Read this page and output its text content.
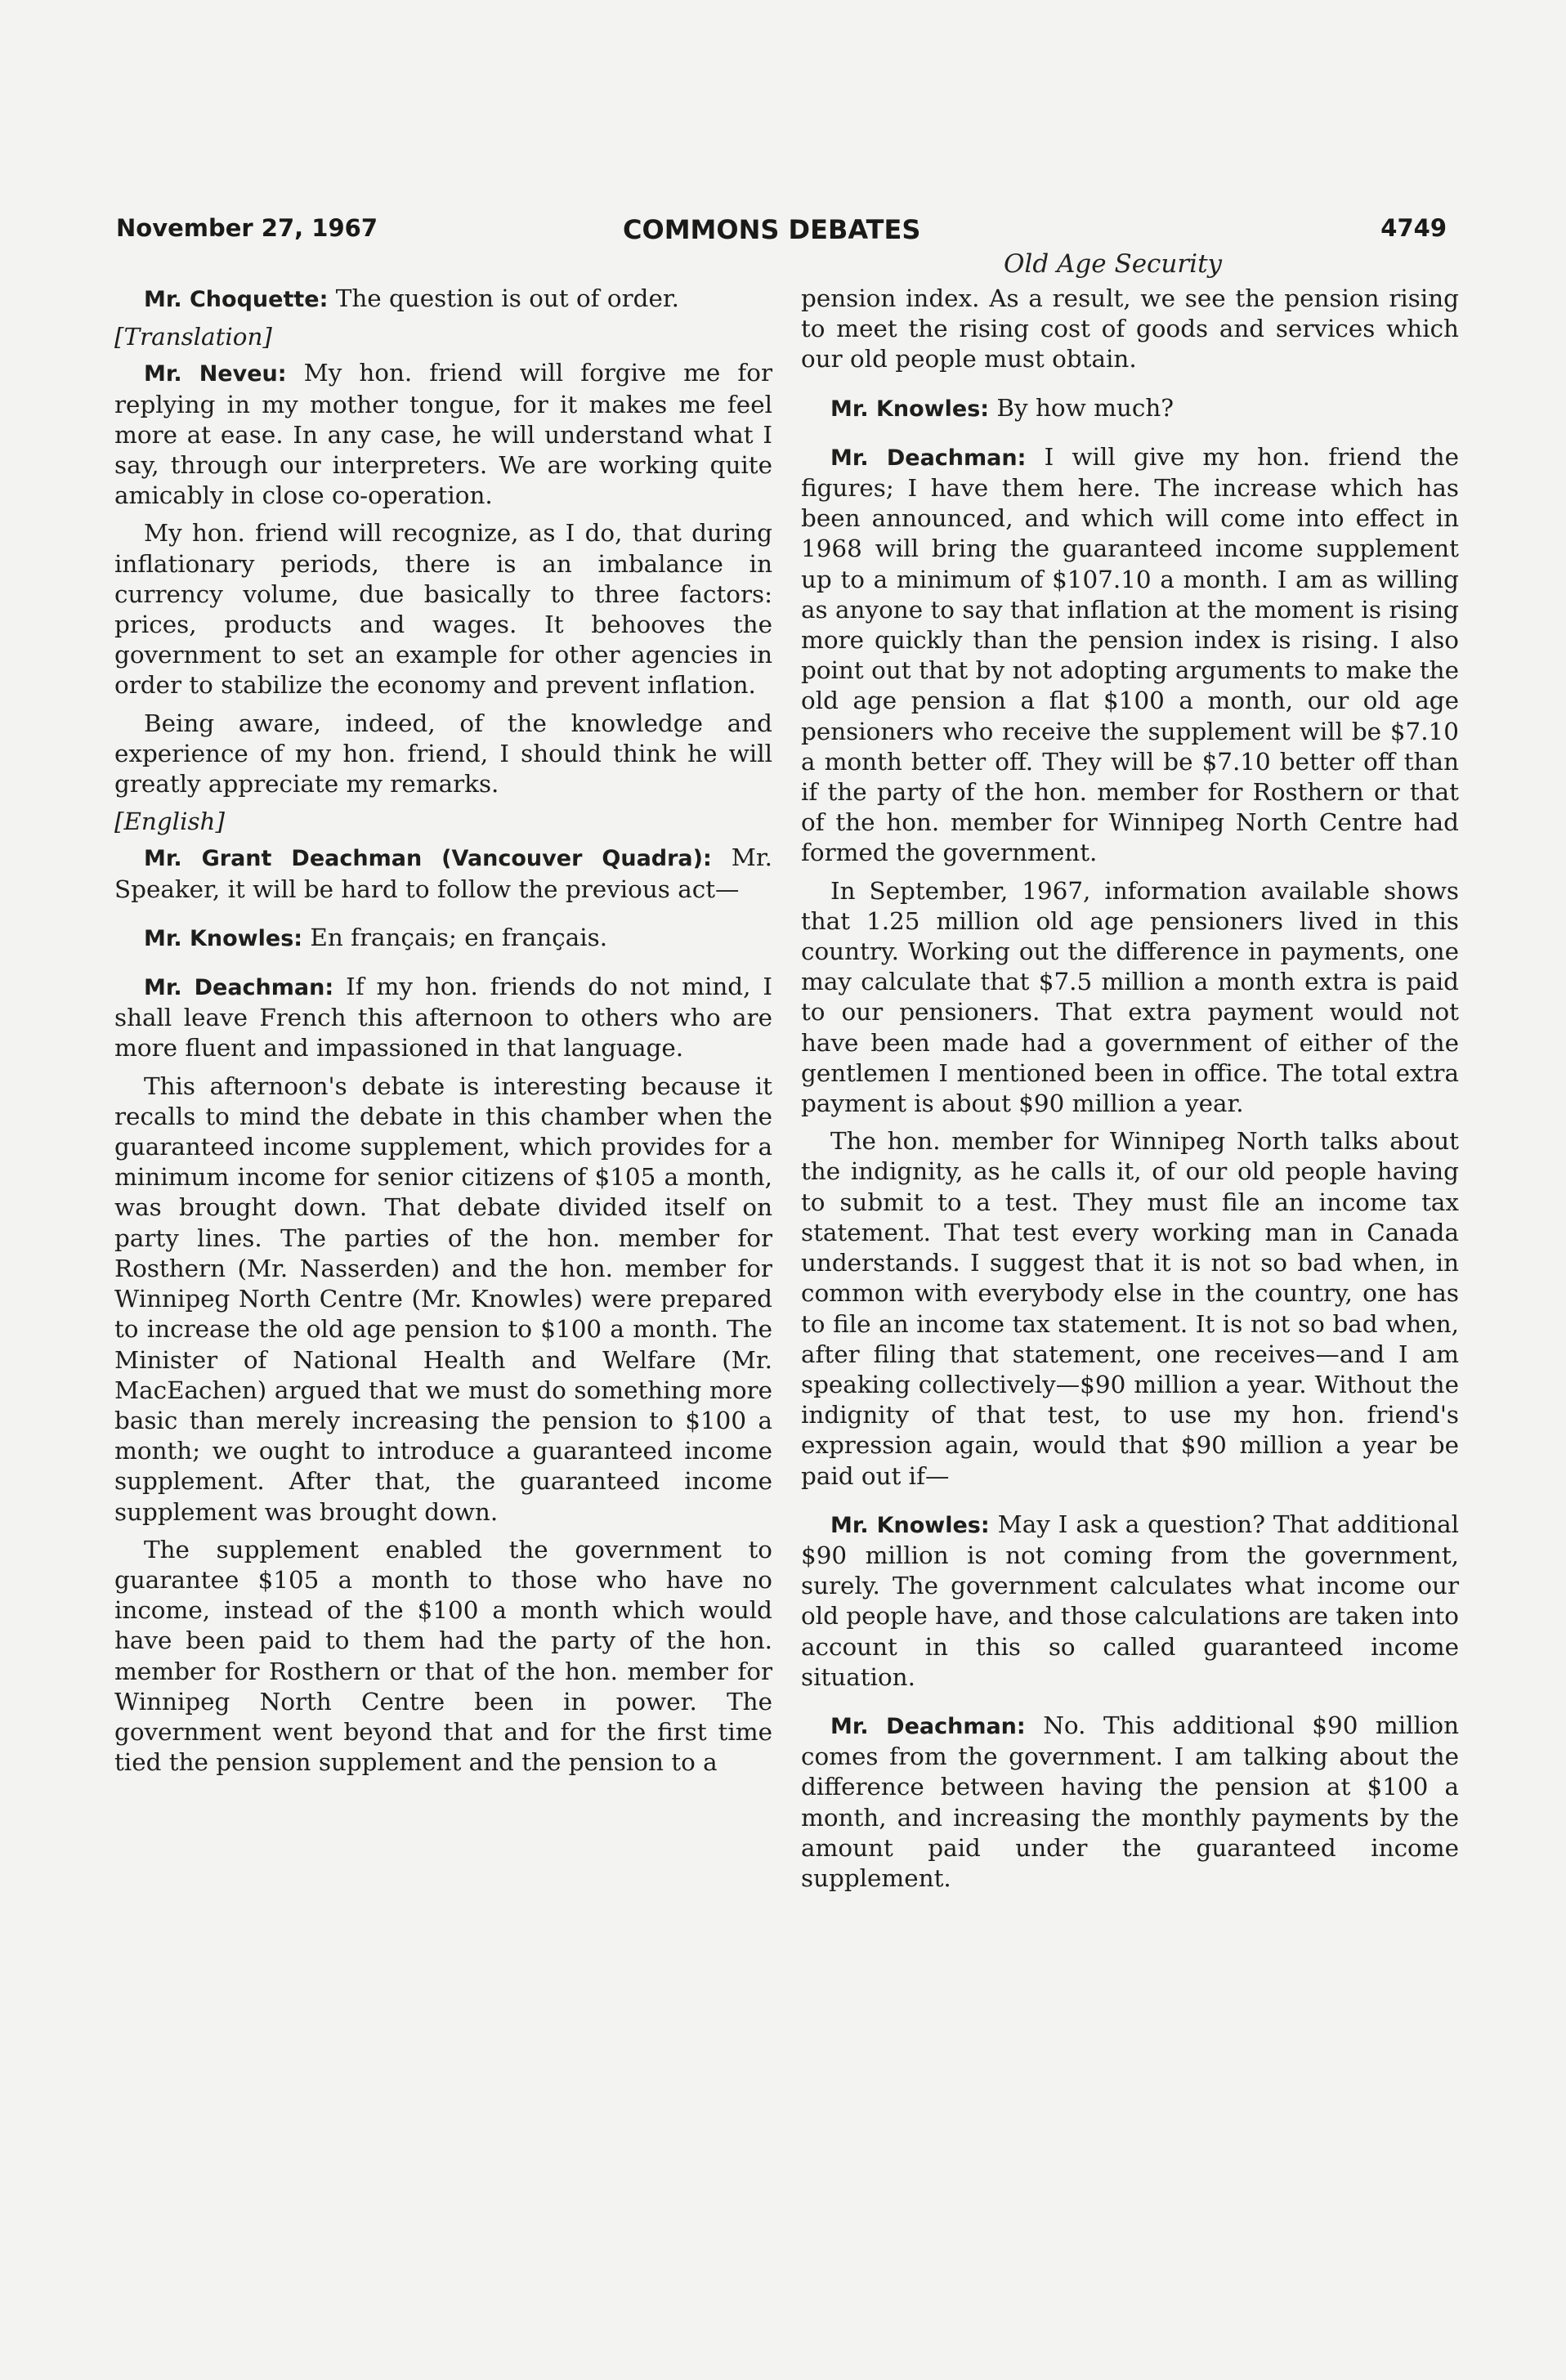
November 27, 1967	COMMONS DEBATES	4749
Old Age Security

Mr. Choquette: The question is out of order.

[Translation]

Mr. Neveu: My hon. friend will forgive me for replying in my mother tongue, for it makes me feel more at ease. In any case, he will understand what I say, through our interpreters. We are working quite amicably in close co-operation.

My hon. friend will recognize, as I do, that during inflationary periods, there is an imbalance in currency volume, due basically to three factors: prices, products and wages. It behooves the government to set an example for other agencies in order to stabilize the economy and prevent inflation.

Being aware, indeed, of the knowledge and experience of my hon. friend, I should think he will greatly appreciate my remarks.

[English]

Mr. Grant Deachman (Vancouver Quadra): Mr. Speaker, it will be hard to follow the previous act—

Mr. Knowles: En français; en français.

Mr. Deachman: If my hon. friends do not mind, I shall leave French this afternoon to others who are more fluent and impassioned in that language.

This afternoon's debate is interesting because it recalls to mind the debate in this chamber when the guaranteed income supplement, which provides for a minimum income for senior citizens of $105 a month, was brought down. That debate divided itself on party lines. The parties of the hon. member for Rosthern (Mr. Nasserden) and the hon. member for Winnipeg North Centre (Mr. Knowles) were prepared to increase the old age pension to $100 a month. The Minister of National Health and Welfare (Mr. MacEachen) argued that we must do something more basic than merely increasing the pension to $100 a month; we ought to introduce a guaranteed income supplement. After that, the guaranteed income supplement was brought down.

The supplement enabled the government to guarantee $105 a month to those who have no income, instead of the $100 a month which would have been paid to them had the party of the hon. member for Rosthern or that of the hon. member for Winnipeg North Centre been in power. The government went beyond that and for the first time tied the pension supplement and the pension to a

pension index. As a result, we see the pension rising to meet the rising cost of goods and services which our old people must obtain.

Mr. Knowles: By how much?

Mr. Deachman: I will give my hon. friend the figures; I have them here. The increase which has been announced, and which will come into effect in 1968 will bring the guaranteed income supplement up to a minimum of $107.10 a month. I am as willing as anyone to say that inflation at the moment is rising more quickly than the pension index is rising. I also point out that by not adopting arguments to make the old age pension a flat $100 a month, our old age pensioners who receive the supplement will be $7.10 a month better off. They will be $7.10 better off than if the party of the hon. member for Rosthern or that of the hon. member for Winnipeg North Centre had formed the government.

In September, 1967, information available shows that 1.25 million old age pensioners lived in this country. Working out the difference in payments, one may calculate that $7.5 million a month extra is paid to our pensioners. That extra payment would not have been made had a government of either of the gentlemen I mentioned been in office. The total extra payment is about $90 million a year.

The hon. member for Winnipeg North talks about the indignity, as he calls it, of our old people having to submit to a test. They must file an income tax statement. That test every working man in Canada understands. I suggest that it is not so bad when, in common with everybody else in the country, one has to file an income tax statement. It is not so bad when, after filing that statement, one receives—and I am speaking collectively—$90 million a year. Without the indignity of that test, to use my hon. friend's expression again, would that $90 million a year be paid out if—

Mr. Knowles: May I ask a question? That additional $90 million is not coming from the government, surely. The government calculates what income our old people have, and those calculations are taken into account in this so called guaranteed income situation.

Mr. Deachman: No. This additional $90 million comes from the government. I am talking about the difference between having the pension at $100 a month, and increasing the monthly payments by the amount paid under the guaranteed income supplement.
